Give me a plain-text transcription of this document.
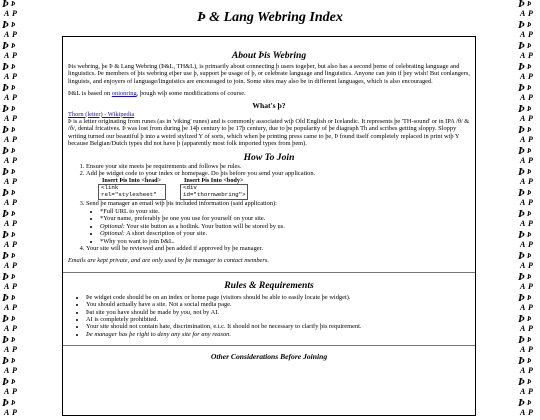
Þ Þ
A P
Þ Þ
A P
Þ Þ
A P
Þ Þ
A P
Þ Þ
A P
Þ Þ
A P
Þ Þ
A P
Þ Þ
A P
Þ Þ
A P
Þ Þ
A P
Þ Þ
A P
Þ Þ
A P
Þ Þ
A P
Þ Þ
A P
Þ Þ
A P
Þ Þ
A P
Þ Þ
A P
Þ Þ
A P
Þ Þ
A P
Þ Þ
A P
Þ Þ
A P
Þ Þ
A P
Þ Þ
A P
Þ Þ
A P
Þ Þ
A P
Þ Þ
A P
Þ Þ
A P
Þ Þ
A P
Þ Þ
A P
Þ Þ
A P
Þ Þ
A P
Þ Þ
A P
Þ Þ
A P
Þ Þ
A P
Þ Þ
A P
Þ Þ
A P
Þ Þ
A P
Þ Þ
A P
Þ Þ
A P
Þ Þ
A P
Þ & Lang Webring Index
About Þis Webring

Þis webring, þe Þ & Lang Webring (Þ&L, TH&L), is primarily about connecting þ users togeþer, but also has a second þeme of celebrating language and linguistics. Þe members of þis webring eiþer use þ, support þe usage of þ, or celebrate language and linguistics. Anyone can join if þey wish! But conlangers, linguists, and enjoyers of language/linguistics are encouraged to join. Some sites may also be in different languages, which is also encouraged.

Þ&L is based on onionring, þough wiþ some modifications of course.

What's þ?

Thorn (letter) - Wikipedia

Þ is a letter originating from runes (as in 'viking' runes) and is commonly associated wiþ Old English or Icelandic. It represents þe 'TH-sound' or in IPA /θ/ & /ð/, dental fricatives. Þ was lost from during þe 14þ century to þe 17þ century, due to þe popularity of þe diagraph Th and scribes getting sloppy. Sloppy writing turned our beautiful þ into a weird stylized Y of sorts, which when þe printing press came to þe, Þ found itself completely replaced in print wiþ Y because Belgian/Dutch types did not have þ (apparently most folk imported types from þem).

How To Join
1. Ensure your site meets þe requirements and follows þe rules.
2. Add þe widget code to your index or homepage. Do þis before you send your application.
Insert Þis Into <head>
<link
rel="stylesheet"
Insert Þis Into <body>
<div
id="thornwebring">
3. Send þe manager an email wiþ þis included information (said application):
• *Full URL to your site.
• *Your name, preferably þe one you use for yourself on your site.
• Optional: Your site button as a hotlink. Your button will be stored by us.
• Optional: A short description of your site.
• *Why you want to join Þ&L.
4. Your site will be reviewed and þen added if approved by þe manager.

Emails are kept private, and are only used by þe manager to contact members.

Rules & Requirements
• Þe widget code should be on an index or home page (visitors should be able to easily locate þe widget).
• You should actually have a site. Not a social media page.
• Þat site you have should be made by you, not by AI.
• AI is completely prohibited.
• Your site should not contain hate, discrimination, e.t.c. It should not be necessary to clarify þis requirement.
• Þe manager has þe right to deny any site for any reason.
Other Considerations Before Joining
